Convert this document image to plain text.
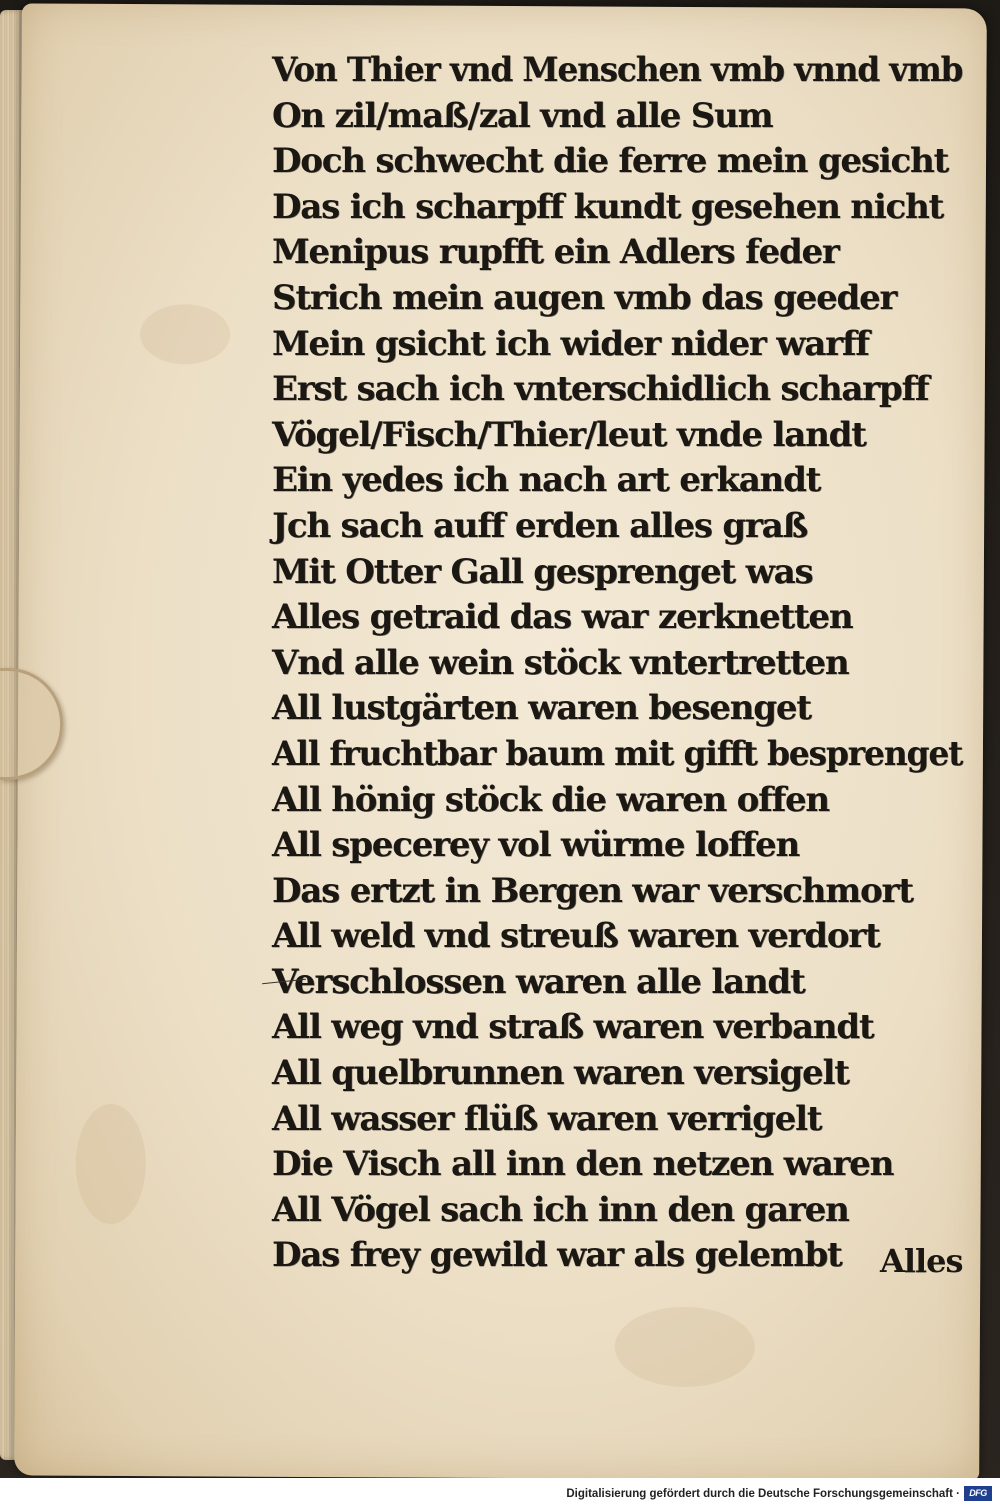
Von Thier vnd Menschen vmb vnnd vmb
On zil/maß/zal vnd alle Sum
Doch schwecht die ferre mein gesicht
Das ich scharpff kundt gesehen nicht
Menipus rupfft ein Adlers feder
Strich mein augen vmb das geeder
Mein gsicht ich wider nider warff
Erst sach ich vnterschidlich scharpff
Vögel/Fisch/Thier/leut vnde landt
Ein yedes ich nach art erkandt
Jch sach auff erden alles graß
Mit Otter Gall gesprenget was
Alles getraid das war zerknetten
Vnd alle wein stöck vntertretten
All lustgärten waren besenget
All fruchtbar baum mit gifft besprenget
All hönig stöck die waren offen
All specerey vol würme loffen
Das ertzt in Bergen war verschmort
All weld vnd streuß waren verdort
Verschlossen waren alle landt
All weg vnd straß waren verbandt
All quelbrunnen waren versigelt
All wasser flüß waren verrigelt
Die Visch all inn den netzen waren
All Vögel sach ich inn den garen
Das frey gewild war als gelembt	Alles
Digitalisierung gefördert durch die Deutsche Forschungsgemeinschaft ·	DFG
